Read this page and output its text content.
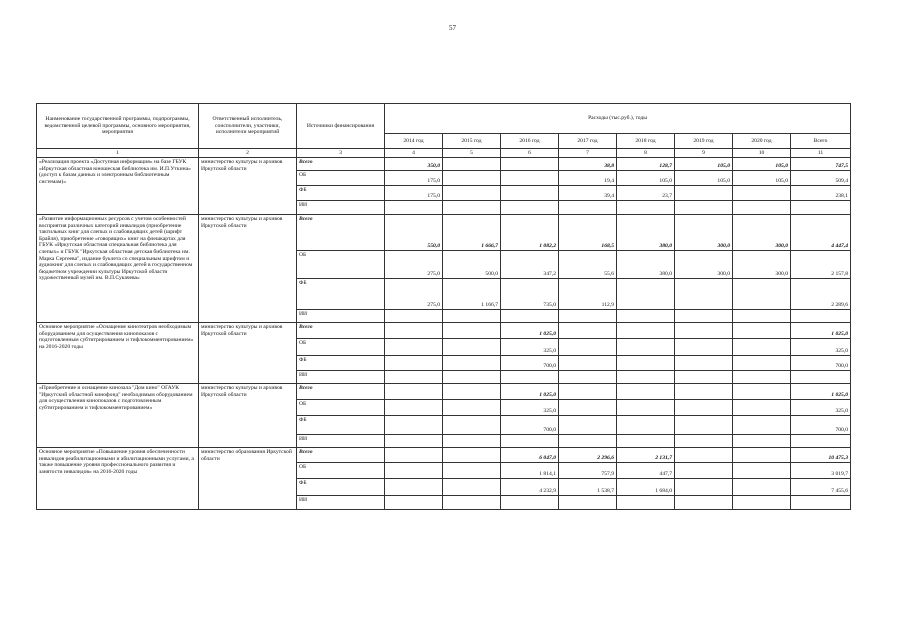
57
Наименование государственной программы, подпрограммы, ведомственной целевой программы, основного мероприятия, мероприятия	Ответственный исполнитель, соисполнители, участники, исполнители мероприятий	Источники финансирования	Расходы (тыс.руб.), годы							
			2014 год	2015 год	2016 год	2017 год	2018 год	2019 год	2020 год	Всего
1	2	3	4	5	6	7	8	9	10	11
«Реализация проекта «Доступная информация» на базе ГБУК «Иркутская областная юношеская библиотека им. И.П.Уткина» (доступ к базам данных и электронным библиотечным системам)»	министерство культуры и архивов Иркутской области	Всего	350,0			38,8	128,7	105,0	105,0	747,5
		ОБ	175,0			19,4	105,0	105,0	105,0	509,4
		ФБ	175,0			39,4	23,7			238,1
		ИИ								
«Развитие информационных ресурсов с учетом особенностей восприятия различных категорий инвалидов (приобретение тактильных книг для слепых и слабовидящих детей (шрифт Брайля), приобретение «говорящих» книг на флешкартах для ГБУК «Иркутская областная специальная библиотека для слепых» и ГБУК "Иркутская областная детская библиотека им. Марка Сергеева", издание буклета со специальным шрифтом и аудиокниг для слепых и слабовидящих детей в государственном бюджетном учреждении культуры Иркутской области художественный музей им. В.П.Сукачева»	министерство культуры и архивов Иркутской области	Всего	550,0	1 666,7	1 082,2	168,5	380,0	300,0	300,0	4 447,4
		ОБ	275,0	500,0	347,2	55,6	380,0	300,0	300,0	2 157,8
		ФБ	275,0	1 166,7	735,0	112,9				2 289,6
		ИИ								
Основное мероприятие «Оснащение кинотеатров необходимым оборудованием для осуществления кинопоказов с подготовленным субтитрированием и тифлокомментированием» на 2016-2020 годы	министерство культуры и архивов Иркутской области	Всего			1 025,0					1 025,0
		ОБ			325,0					325,0
		ФБ			700,0					700,0
		ИИ								
«Приобретение и оснащение кинозала "Дом кино" ОГАУК "Иркутский областной кинофонд" необходимым оборудованием для осуществления кинопоказов с подготовленным субтитрированием и тифлокомментированием»	министерство культуры и архивов Иркутской области	Всего			1 025,0					1 025,0
		ОБ			325,0					325,0
		ФБ			700,0					700,0
		ИИ								
Основное мероприятие «Повышение уровня обеспеченности инвалидов реабилитационными и абилитационными услугами, а также повышение уровня профессионального развития и занятости инвалидов» на 2016-2020 годы	министерство образования Иркутской области	Всего			6 047,0	2 296,6	2 131,7			10 475,3
		ОБ			1 814,1	757,9	447,7			3 019,7
		ФБ			4 232,9	1 538,7	1 684,0			7 455,6
		ИИ								
